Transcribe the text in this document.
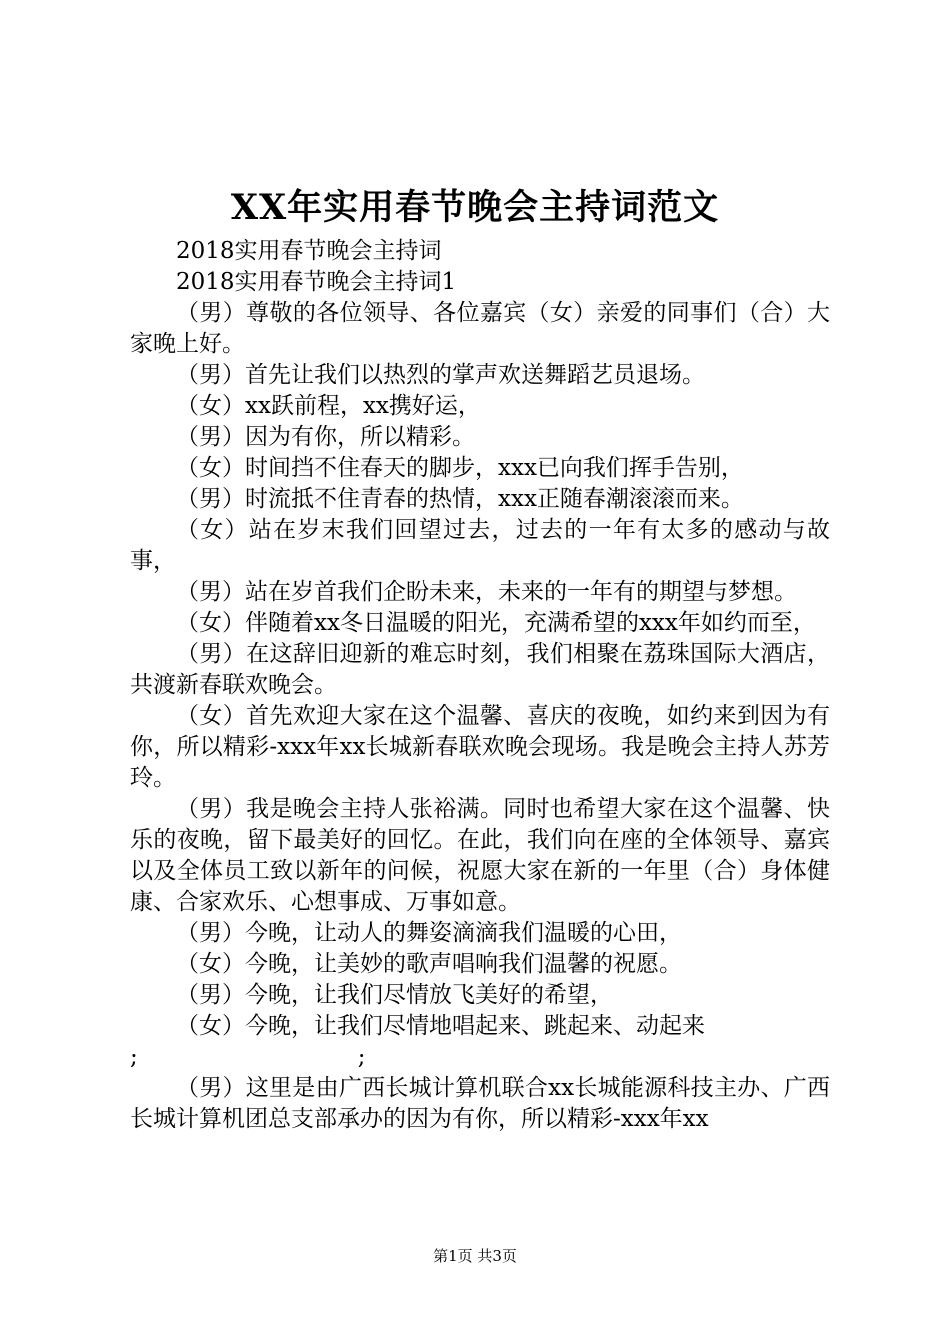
XX年实用春节晚会主持词范文

2018实用春节晚会主持词

2018实用春节晚会主持词1

（男）尊敬的各位领导、各位嘉宾（女）亲爱的同事们（合）大家晚上好。

（男）首先让我们以热烈的掌声欢送舞蹈艺员退场。

（女）xx跃前程，xx携好运，

（男）因为有你，所以精彩。

（女）时间挡不住春天的脚步，xxx已向我们挥手告别，

（男）时流抵不住青春的热情，xxx正随春潮滚滚而来。

（女）站在岁末我们回望过去，过去的一年有太多的感动与故事，

（男）站在岁首我们企盼未来，未来的一年有的期望与梦想。

（女）伴随着xx冬日温暖的阳光，充满希望的xxx年如约而至，

（男）在这辞旧迎新的难忘时刻，我们相聚在荔珠国际大酒店，共渡新春联欢晚会。

（女）首先欢迎大家在这个温馨、喜庆的夜晚，如约来到因为有你，所以精彩-xxx年xx长城新春联欢晚会现场。我是晚会主持人苏芳玲。

（男）我是晚会主持人张裕满。同时也希望大家在这个温馨、快乐的夜晚，留下最美好的回忆。在此，我们向在座的全体领导、嘉宾以及全体员工致以新年的问候，祝愿大家在新的一年里（合）身体健康、合家欢乐、心想事成、万事如意。

（男）今晚，让动人的舞姿滴滴我们温暖的心田，

（女）今晚，让美妙的歌声唱响我们温馨的祝愿。

（男）今晚，让我们尽情放飞美好的希望，

（女）今晚，让我们尽情地唱起来、跳起来、动起来

;	;

（男）这里是由广西长城计算机联合xx长城能源科技主办、广西长城计算机团总支部承办的因为有你，所以精彩-xxx年xx

第1页 共3页
